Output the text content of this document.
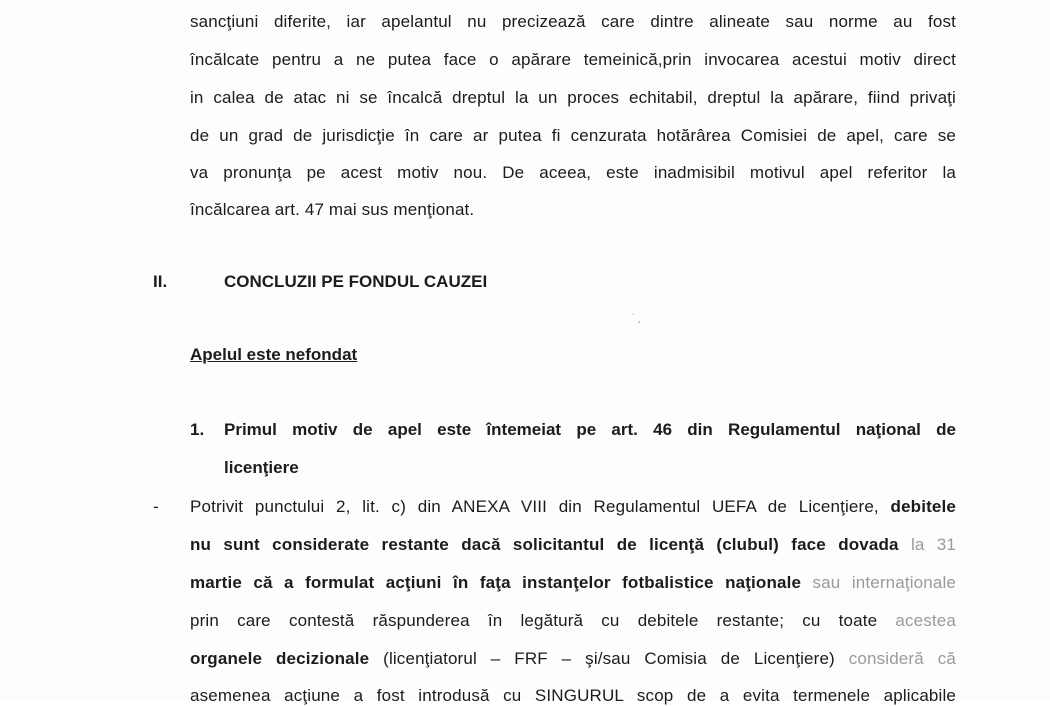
sancţiuni diferite, iar apelantul nu precizează care dintre alineate sau norme au fost
încălcate pentru a ne putea face o apărare temeinică,prin invocarea acestui motiv direct
in calea de atac ni se încalcă dreptul la un proces echitabil, dreptul la apărare, fiind privaţi
de un grad de jurisdicţie în care ar putea fi cenzurata hotărârea Comisiei de apel, care se
va pronunţa pe acest motiv nou. De aceea, este inadmisibil motivul apel referitor la
încălcarea art. 47 mai sus menţionat.
II.	CONCLUZII PE FONDUL CAUZEI
˙ ˛
Apelul este nefondat
1. Primul motiv de apel este întemeiat pe art. 46 din Regulamentul naţional de
licenţiere
- Potrivit punctului 2, lit. c) din ANEXA VIII din Regulamentul UEFA de Licenţiere, debitele
nu sunt considerate restante dacă solicitantul de licenţă (clubul) face dovada la 31
martie că a formulat acţiuni în faţa instanţelor fotbalistice naţionale sau internaţionale
prin care contestă răspunderea în legătură cu debitele restante; cu toate acestea
organele decizionale (licenţiatorul – FRF – şi/sau Comisia de Licenţiere) consideră că
asemenea acţiune a fost introdusă cu SINGURUL scop de a evita termenele aplicabile
